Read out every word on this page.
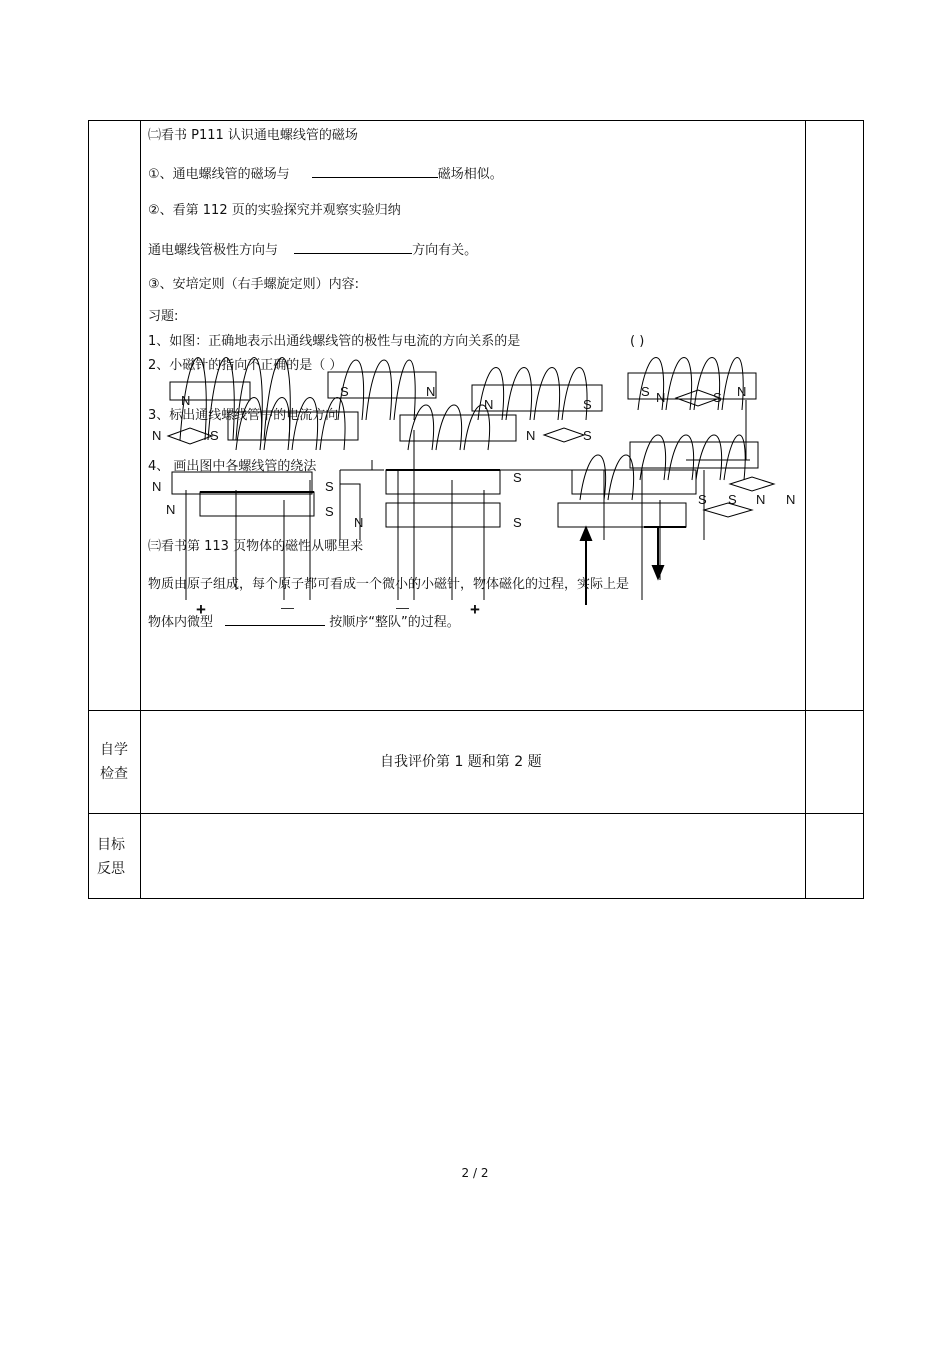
㈡看书 P111 认识通电螺线管的磁场
①、通电螺线管的磁场与	磁场相似。
②、看第 112 页的实验探究并观察实验归纳
通电螺线管极性方向与	方向有关。
③、安培定则（右手螺旋定则）内容:
习题:
1、如图：正确地表示出通线螺线管的极性与电流的方向关系的是	( )
2、小磁针的指向不正确的是（ ）
N
S	N
N	S
S N	S N
N	S	N	S
S
N	S
S S N N
N	S
N	S
3、标出通线螺线管中的电流方向
4、 画出图中各螺线管的绕法
㈢看书第 113 页物体的磁性从哪里来
物质由原子组成，每个原子都可看成一个微小的小磁针，物体磁化的过程，实际上是
+	—	—	+
物体内微型	按顺序“整队”的过程。
自学
检查
自我评价第 1 题和第 2 题
目标
反思
2 / 2
